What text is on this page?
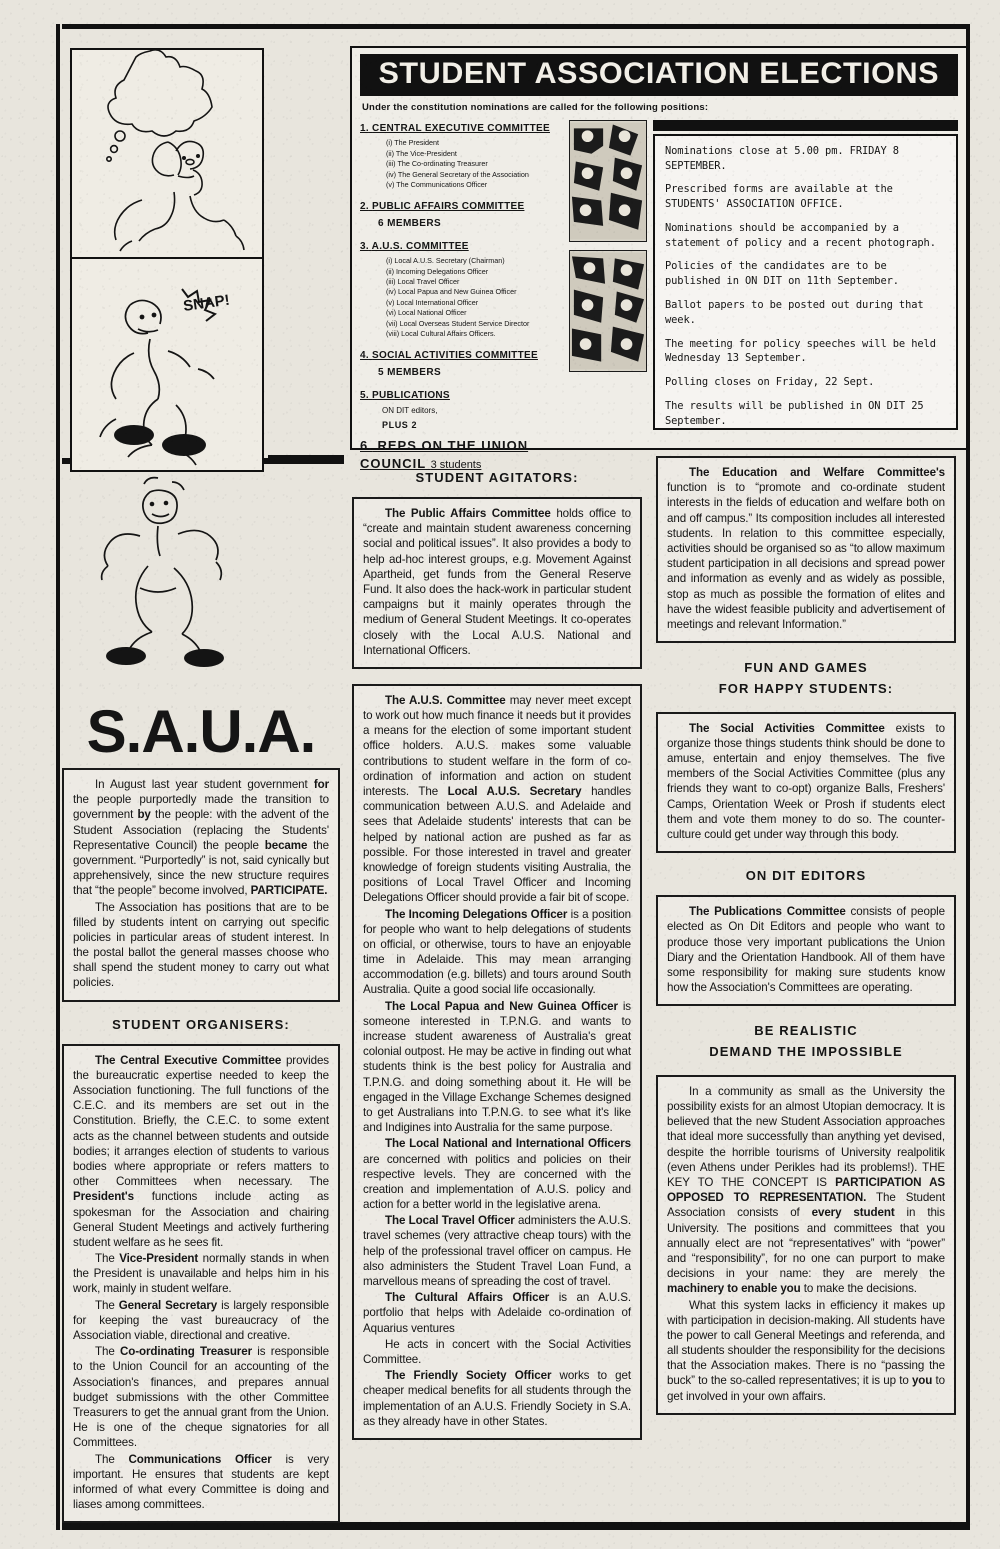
SNAP!
STUDENT ASSOCIATION ELECTIONS
Under the constitution nominations are called for the following positions:
1. CENTRAL EXECUTIVE COMMITTEE
(i) The President
(ii) The Vice-President
(iii) The Co-ordinating Treasurer
(iv) The General Secretary of the Association
(v) The Communications Officer
2. PUBLIC AFFAIRS COMMITTEE
6 MEMBERS
3. A.U.S. COMMITTEE
(i) Local A.U.S. Secretary (Chairman)
(ii) Incoming Delegations Officer
(iii) Local Travel Officer
(iv) Local Papua and New Guinea Officer
(v) Local International Officer
(vi) Local National Officer
(vii) Local Overseas Student Service Director
(viii) Local Cultural Affairs Officers.
4. SOCIAL ACTIVITIES COMMITTEE
5 MEMBERS
5. PUBLICATIONS
ON DIT editors,
PLUS 2
6. REPS ON THE UNION COUNCIL 3 students

Nominations close at 5.00 pm. FRIDAY 8 SEPTEMBER.

Prescribed forms are available at the STUDENTS' ASSOCIATION OFFICE.

Nominations should be accompanied by a statement of policy and a recent photograph.

Policies of the candidates are to be published in ON DIT on 11th September.

Ballot papers to be posted out during that week.

The meeting for policy speeches will be held Wednesday 13 September.

Polling closes on Friday, 22 Sept.

The results will be published in ON DIT 25 September.

S.A.U.A.

In August last year student government for the people purportedly made the transition to government by the people: with the advent of the Student Association (replacing the Students' Representative Council) the people became the government. “Purportedly” is not, said cynically but apprehensively, since the new structure requires that “the people” become involved, PARTICIPATE.

The Association has positions that are to be filled by students intent on carrying out specific policies in particular areas of student interest. In the postal ballot the general masses choose who shall spend the student money to carry out what policies.

STUDENT ORGANISERS:

The Central Executive Committee provides the bureaucratic expertise needed to keep the Association functioning. The full functions of the C.E.C. and its members are set out in the Constitution. Briefly, the C.E.C. to some extent acts as the channel between students and outside bodies; it arranges election of students to various bodies where appropriate or refers matters to other Committees when necessary. The President's functions include acting as spokesman for the Association and chairing General Student Meetings and actively furthering student welfare as he sees fit.

The Vice-President normally stands in when the President is unavailable and helps him in his work, mainly in student welfare.

The General Secretary is largely responsible for keeping the vast bureaucracy of the Association viable, directional and creative.

The Co-ordinating Treasurer is responsible to the Union Council for an accounting of the Association's finances, and prepares annual budget submissions with the other Committee Treasurers to get the annual grant from the Union. He is one of the cheque signatories for all Committees.

The Communications Officer is very important. He ensures that students are kept informed of what every Committee is doing and liases among committees.

STUDENT AGITATORS:

The Public Affairs Committee holds office to “create and maintain student awareness concerning social and political issues”. It also provides a body to help ad-hoc interest groups, e.g. Movement Against Apartheid, get funds from the General Reserve Fund. It also does the hack-work in particular student campaigns but it mainly operates through the medium of General Student Meetings. It co-operates closely with the Local A.U.S. National and International Officers.

The A.U.S. Committee may never meet except to work out how much finance it needs but it provides a means for the election of some important student office holders. A.U.S. makes some valuable contributions to student welfare in the form of co-ordination of information and action on student interests. The Local A.U.S. Secretary handles communication between A.U.S. and Adelaide and sees that Adelaide students' interests that can be helped by national action are pushed as far as possible. For those interested in travel and greater knowledge of foreign students visiting Australia, the positions of Local Travel Officer and Incoming Delegations Officer should provide a fair bit of scope.

The Incoming Delegations Officer is a position for people who want to help delegations of students on official, or otherwise, tours to have an enjoyable time in Adelaide. This may mean arranging accommodation (e.g. billets) and tours around South Australia. Quite a good social life occasionally.

The Local Papua and New Guinea Officer is someone interested in T.P.N.G. and wants to increase student awareness of Australia's great colonial outpost. He may be active in finding out what students think is the best policy for Australia and T.P.N.G. and doing something about it. He will be engaged in the Village Exchange Schemes designed to get Australians into T.P.N.G. to see what it's like and Indigines into Australia for the same purpose.

The Local National and International Officers are concerned with politics and policies on their respective levels. They are concerned with the creation and implementation of A.U.S. policy and action for a better world in the legislative arena.

The Local Travel Officer administers the A.U.S. travel schemes (very attractive cheap tours) with the help of the professional travel officer on campus. He also administers the Student Travel Loan Fund, a marvellous means of spreading the cost of travel.

The Cultural Affairs Officer is an A.U.S. portfolio that helps with Adelaide co-ordination of Aquarius ventures

He acts in concert with the Social Activities Committee.

The Friendly Society Officer works to get cheaper medical benefits for all students through the implementation of an A.U.S. Friendly Society in S.A. as they already have in other States.

The Education and Welfare Committee's function is to “promote and co-ordinate student interests in the fields of education and welfare both on and off campus.” Its composition includes all interested students. In relation to this committee especially, activities should be organised so as “to allow maximum student participation in all decisions and spread power and information as evenly and as widely as possible, stop as much as possible the formation of elites and have the widest feasible publicity and advertisement of meetings and relevant Information.”

FUN AND GAMES
FOR HAPPY STUDENTS:

The Social Activities Committee exists to organize those things students think should be done to amuse, entertain and enjoy themselves. The five members of the Social Activities Committee (plus any friends they want to co-opt) organize Balls, Freshers' Camps, Orientation Week or Prosh if students elect them and vote them money to do so. The counter-culture could get under way through this body.

ON DIT EDITORS

The Publications Committee consists of people elected as On Dit Editors and people who want to produce those very important publications the Union Diary and the Orientation Handbook. All of them have some responsibility for making sure students know how the Association's Committees are operating.

BE REALISTIC
DEMAND THE IMPOSSIBLE

In a community as small as the University the possibility exists for an almost Utopian democracy. It is believed that the new Student Association approaches that ideal more successfully than anything yet devised, despite the horrible tourisms of University realpolitik (even Athens under Perikles had its problems!). THE KEY TO THE CONCEPT IS PARTICIPATION AS OPPOSED TO REPRESENTATION. The Student Association consists of every student in this University. The positions and committees that you annually elect are not “representatives” with “power” and “responsibility”, for no one can purport to make decisions in your name: they are merely the machinery to enable you to make the decisions.

What this system lacks in efficiency it makes up with participation in decision-making. All students have the power to call General Meetings and referenda, and all students shoulder the responsibility for the decisions that the Association makes. There is no “passing the buck” to the so-called representatives; it is up to you to get involved in your own affairs.
